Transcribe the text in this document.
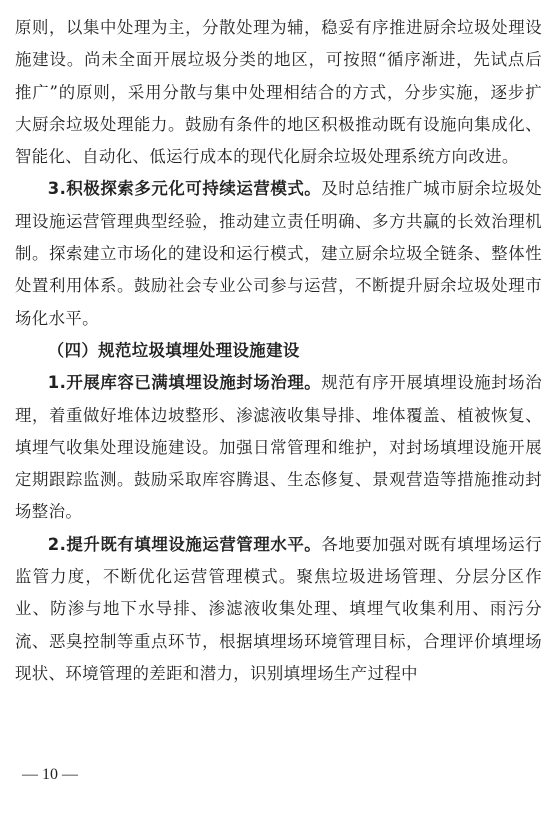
原则，以集中处理为主，分散处理为辅，稳妥有序推进厨余垃圾处理设施建设。尚未全面开展垃圾分类的地区，可按照“循序渐进，先试点后推广”的原则，采用分散与集中处理相结合的方式，分步实施，逐步扩大厨余垃圾处理能力。鼓励有条件的地区积极推动既有设施向集成化、智能化、自动化、低运行成本的现代化厨余垃圾处理系统方向改进。

3.积极探索多元化可持续运营模式。及时总结推广城市厨余垃圾处理设施运营管理典型经验，推动建立责任明确、多方共赢的长效治理机制。探索建立市场化的建设和运行模式，建立厨余垃圾全链条、整体性处置利用体系。鼓励社会专业公司参与运营，不断提升厨余垃圾处理市场化水平。

（四）规范垃圾填埋处理设施建设

1.开展库容已满填埋设施封场治理。规范有序开展填埋设施封场治理，着重做好堆体边坡整形、渗滤液收集导排、堆体覆盖、植被恢复、填埋气收集处理设施建设。加强日常管理和维护，对封场填埋设施开展定期跟踪监测。鼓励采取库容腾退、生态修复、景观营造等措施推动封场整治。

2.提升既有填埋设施运营管理水平。各地要加强对既有填埋场运行监管力度，不断优化运营管理模式。聚焦垃圾进场管理、分层分区作业、防渗与地下水导排、渗滤液收集处理、填埋气收集利用、雨污分流、恶臭控制等重点环节，根据填埋场环境管理目标，合理评价填埋场现状、环境管理的差距和潜力，识别填埋场生产过程中

— 10 —
